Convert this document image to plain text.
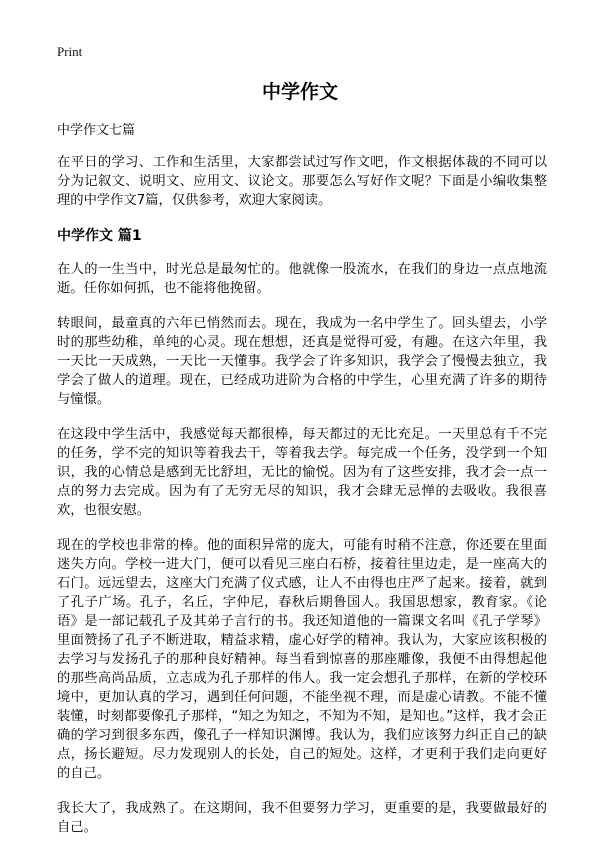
Print
中学作文

中学作文七篇

在平日的学习、工作和生活里，大家都尝试过写作文吧，作文根据体裁的不同可以分为记叙文、说明文、应用文、议论文。那要怎么写好作文呢？下面是小编收集整理的中学作文7篇，仅供参考，欢迎大家阅读。

中学作文 篇1

在人的一生当中，时光总是最匆忙的。他就像一股流水，在我们的身边一点点地流逝。任你如何抓，也不能将他挽留。

转眼间，最童真的六年已悄然而去。现在，我成为一名中学生了。回头望去，小学时的那些幼稚，单纯的心灵。现在想想，还真是觉得可爱，有趣。在这六年里，我一天比一天成熟，一天比一天懂事。我学会了许多知识，我学会了慢慢去独立，我学会了做人的道理。现在，已经成功进阶为合格的中学生，心里充满了许多的期待与憧憬。

在这段中学生活中，我感觉每天都很棒，每天都过的无比充足。一天里总有千不完的任务，学不完的知识等着我去干，等着我去学。每完成一个任务，没学到一个知识，我的心情总是感到无比舒坦，无比的愉悦。因为有了这些安排，我才会一点一点的努力去完成。因为有了无穷无尽的知识，我才会肆无忌惮的去吸收。我很喜欢，也很安慰。

现在的学校也非常的棒。他的面积异常的庞大，可能有时稍不注意，你还要在里面迷失方向。学校一进大门，便可以看见三座白石桥，接着往里边走，是一座高大的石门。远远望去，这座大门充满了仪式感，让人不由得也庄严了起来。接着，就到了孔子广场。孔子，名丘，字仲尼，春秋后期鲁国人。我国思想家，教育家。《论语》是一部记载孔子及其弟子言行的书。我还知道他的一篇课文名叫《孔子学琴》里面赞扬了孔子不断进取，精益求精，虚心好学的精神。我认为，大家应该积极的去学习与发扬孔子的那种良好精神。每当看到惊喜的那座雕像，我便不由得想起他的那些高尚品质，立志成为孔子那样的伟人。我一定会想孔子那样，在新的学校环境中，更加认真的学习，遇到任何问题，不能坐视不理，而是虚心请教。不能不懂装懂，时刻都要像孔子那样，“知之为知之，不知为不知，是知也。”这样，我才会正确的学习到很多东西，像孔子一样知识渊博。我认为，我们应该努力纠正自己的缺点，扬长避短。尽力发现别人的长处，自己的短处。这样，才更利于我们走向更好的自己。

我长大了，我成熟了。在这期间，我不但要努力学习，更重要的是，我要做最好的自己。
